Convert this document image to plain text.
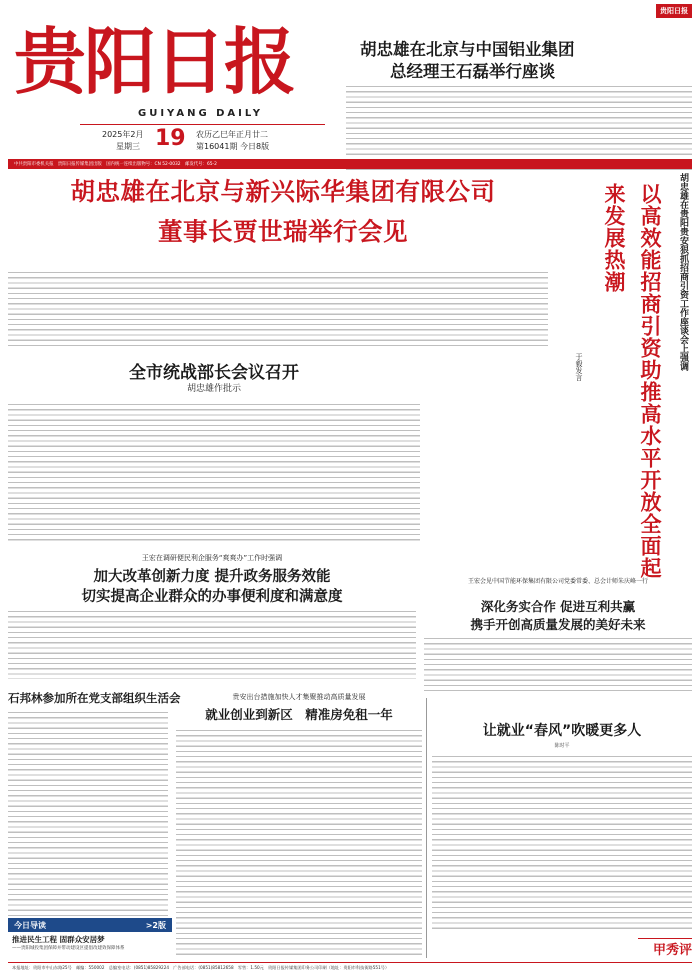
贵阳日报
GUIYANG DAILY
2025年2月
星期三 19 农历乙巳年正月廿二
第16041期 今日8版
贵阳日报
胡忠雄在北京与中国铝业集团
总经理王石磊举行座谈
中共贵阳市委机关报　贵阳日报传媒集团出版　国内统一连续出版物号：CN 52-0032　邮发代号：65-2
胡忠雄在北京与新兴际华集团有限公司
董事长贾世瑞举行会见	胡忠雄在贵阳贵安狠抓招商引资工作座谈会上强调
以高效能招商引资助推高水平开放全面起来发展热潮
于毅发言
全市统战部长会议召开
胡忠雄作批示
王宏在调研便民利企服务“爽爽办”工作时强调
加大改革创新力度 提升政务服务效能
切实提高企业群众的办事便利度和满意度
王宏会见中国节能环保集团有限公司党委常委、总会计师朱庆峰一行
深化务实合作 促进互利共赢
携手开创高质量发展的美好未来
石邦林参加所在党支部组织生活会	贵安出台措施加快人才集聚推动高质量发展
就业创业到新区　精准房免租一年
让就业“春风”吹暖更多人
陈时平
甲秀评
今日导读	>2版
推进民生工程 固群众安居梦
——贵阳城投集团保障并带动建设区提倡改建效保障体系
本报地址：贵阳市中山东路25号　邮编：550002　总编室电话：(0851)85829224　广告部电话：(0851)85812658　零售：1.50元　贵阳日报传媒集团印务公司印刷（地址：贵阳市科技街路551号）
